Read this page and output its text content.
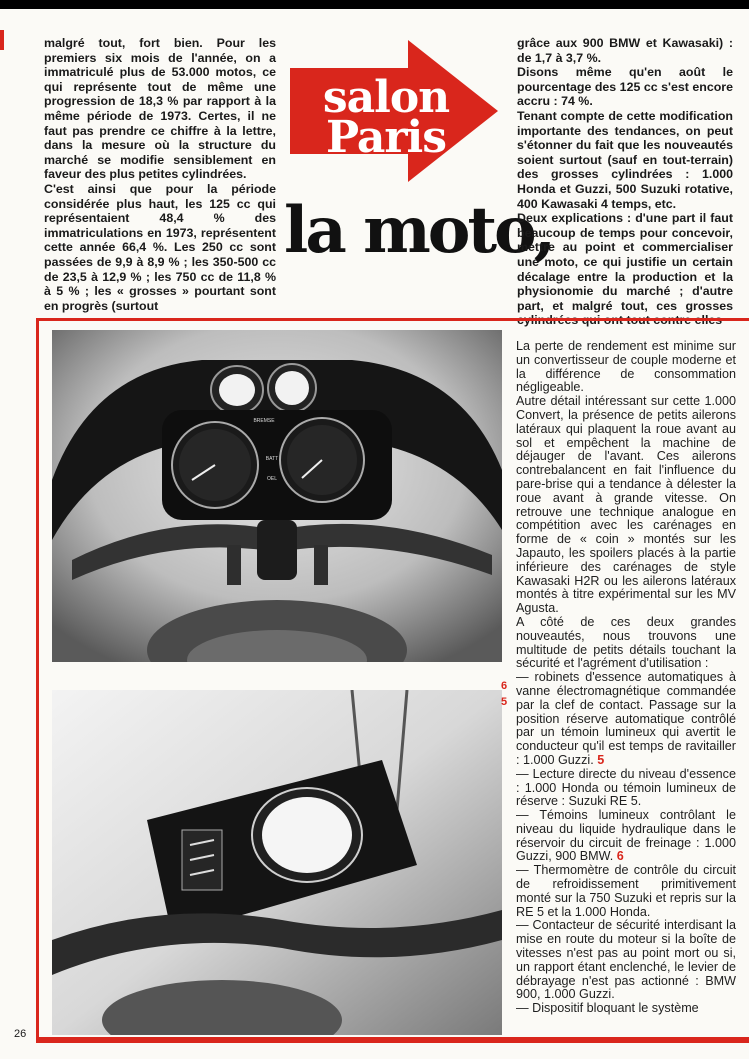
malgré tout, fort bien. Pour les premiers six mois de l'année, on a immatriculé plus de 53.000 motos, ce qui représente tout de même une progression de 18,3 % par rapport à la même période de 1973. Certes, il ne faut pas prendre ce chiffre à la lettre, dans la mesure où la structure du marché se modifie sensiblement en faveur des plus petites cylindrées.

C'est ainsi que pour la période considérée plus haut, les 125 cc qui représentaient 48,4 % des immatriculations en 1973, représentent cette année 66,4 %. Les 250 cc sont passées de 9,9 à 8,9 % ; les 350-500 cc de 23,5 à 12,9 % ; les 750 cc de 11,8 % à 5 % ; les « grosses » pourtant sont en progrès (surtout

salon
Paris
la moto,

grâce aux 900 BMW et Kawasaki) : de 1,7 à 3,7 %.

Disons même qu'en août le pourcentage des 125 cc s'est encore accru : 74 %.

Tenant compte de cette modification importante des tendances, on peut s'étonner du fait que les nouveautés soient surtout (sauf en tout-terrain) des grosses cylindrées : 1.000 Honda et Guzzi, 500 Suzuki rotative, 400 Kawasaki 4 temps, etc.

Deux explications : d'une part il faut beaucoup de temps pour concevoir, mettre au point et commercialiser une moto, ce qui justifie un certain décalage entre la production et la physionomie du marché ; d'autre part, et malgré tout, ces grosses cylindrées qui ont tout contre elles

BREMSE
BATT
OEL

La perte de rendement est minime sur un convertisseur de couple moderne et la différence de consommation négligeable.

Autre détail intéressant sur cette 1.000 Convert, la présence de petits ailerons latéraux qui plaquent la roue avant au sol et empêchent la machine de déjauger de l'avant. Ces ailerons contrebalancent en fait l'influence du pare-brise qui a tendance à délester la roue avant à grande vitesse. On retrouve une technique analogue en compétition avec les carénages en forme de « coin » montés sur les Japauto, les spoilers placés à la partie inférieure des carénages de style Kawasaki H2R ou les ailerons latéraux montés à titre expérimental sur les MV Agusta.

A côté de ces deux grandes nouveautés, nous trouvons une multitude de petits détails touchant la sécurité et l'agrément d'utilisation :

— robinets d'essence automatiques à vanne électromagnétique commandée par la clef de contact. Passage sur la position réserve automatique contrôlé par un témoin lumineux qui avertit le conducteur qu'il est temps de ravitailler : 1.000 Guzzi. 5

— Lecture directe du niveau d'essence : 1.000 Honda ou témoin lumineux de réserve : Suzuki RE 5.

— Témoins lumineux contrôlant le niveau du liquide hydraulique dans le réservoir du circuit de freinage : 1.000 Guzzi, 900 BMW. 6

— Thermomètre de contrôle du circuit de refroidissement primitivement monté sur la 750 Suzuki et repris sur la RE 5 et la 1.000 Honda.

— Contacteur de sécurité interdisant la mise en route du moteur si la boîte de vitesses n'est pas au point mort ou si, un rapport étant enclenché, le levier de débrayage n'est pas actionné : BMW 900, 1.000 Guzzi.

— Dispositif bloquant le système

6
5
26
